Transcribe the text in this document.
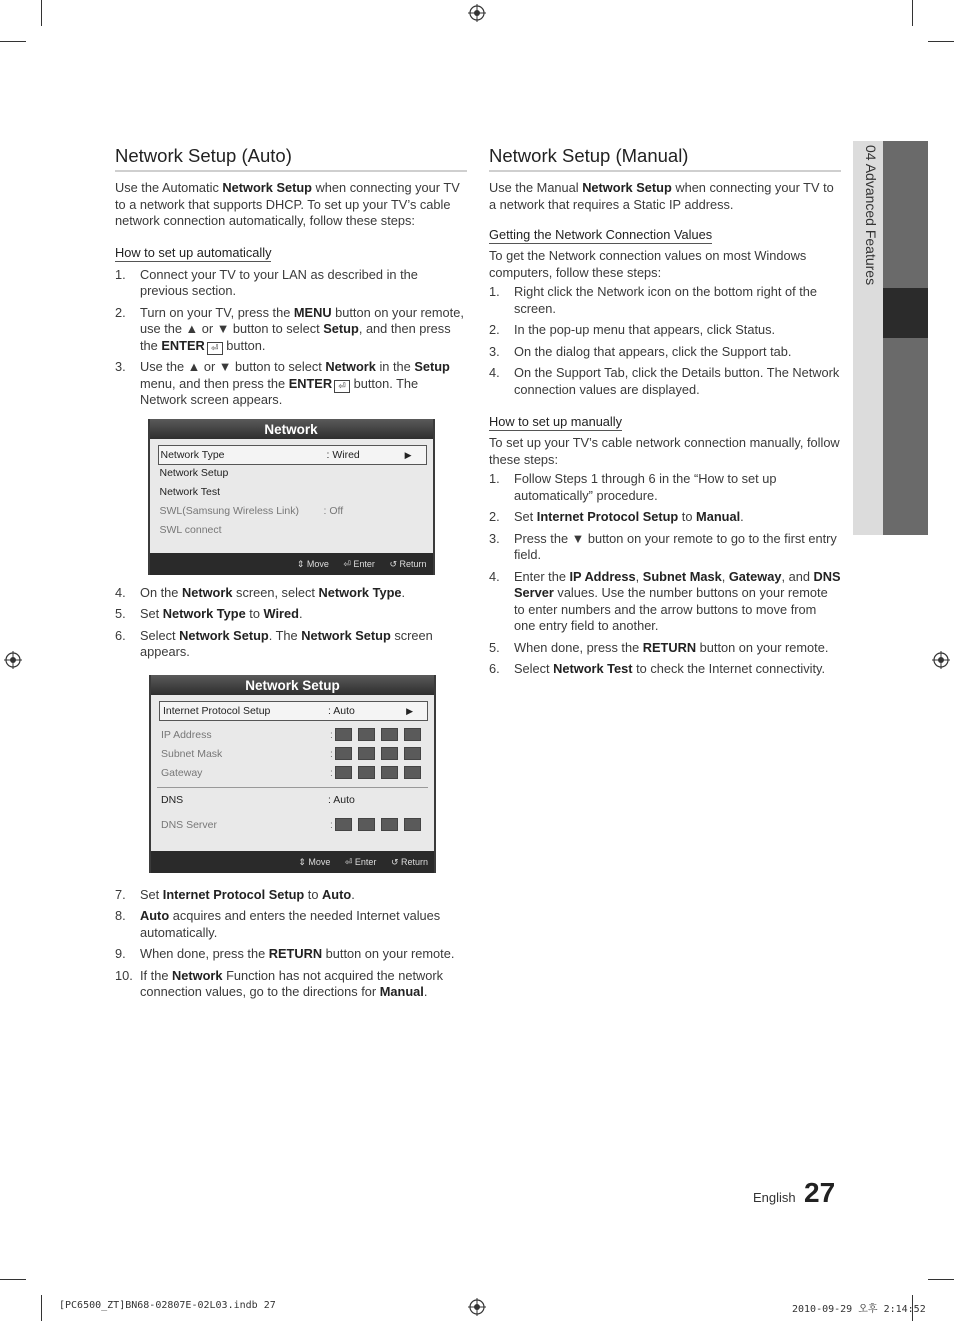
Network Setup (Auto)

Use the Automatic Network Setup when connecting your TV to a network that supports DHCP. To set up your TV’s cable network connection automatically, follow these steps:

How to set up automatically
1. Connect your TV to your LAN as described in the previous section.
2. Turn on your TV, press the MENU button on your remote, use the ▲ or ▼ button to select Setup, and then press the ENTER ⏎ button.
3. Use the ▲ or ▼ button to select Network in the Setup menu, and then press the ENTER ⏎ button. The Network screen appears.
Network
Network Type	: Wired	▶
Network Setup
Network Test
SWL(Samsung Wireless Link) : Off
SWL connect
⇕ Move ⏎ Enter ↺ Return
4. On the Network screen, select Network Type.
5. Set Network Type to Wired.
6. Select Network Setup. The Network Setup screen appears.
Network Setup
Internet Protocol Setup	: Auto	▶
IP Address	:
Subnet Mask	:
Gateway	:
DNS	: Auto
DNS Server	:
⇕ Move ⏎ Enter ↺ Return
7. Set Internet Protocol Setup to Auto.
8. Auto acquires and enters the needed Internet values automatically.
9. When done, press the RETURN button on your remote.
10. If the Network Function has not acquired the network connection values, go to the directions for Manual.
Network Setup (Manual)

Use the Manual Network Setup when connecting your TV to a network that requires a Static IP address.

Getting the Network Connection Values

To get the Network connection values on most Windows computers, follow these steps:

1. Right click the Network icon on the bottom right of the screen.
2. In the pop-up menu that appears, click Status.
3. On the dialog that appears, click the Support tab.
4. On the Support Tab, click the Details button. The Network connection values are displayed.
How to set up manually

To set up your TV’s cable network connection manually, follow these steps:

1. Follow Steps 1 through 6 in the “How to set up automatically” procedure.
2. Set Internet Protocol Setup to Manual.
3. Press the ▼ button on your remote to go to the first entry field.
4. Enter the IP Address, Subnet Mask, Gateway, and DNS Server values. Use the number buttons on your remote to enter numbers and the arrow buttons to move from one entry field to another.
5. When done, press the RETURN button on your remote.
6. Select Network Test to check the Internet connectivity.
04 Advanced Features
English 27
[PC6500_ZT]BN68-02807E-02L03.indb 27	2010-09-29 오후 2:14:52
